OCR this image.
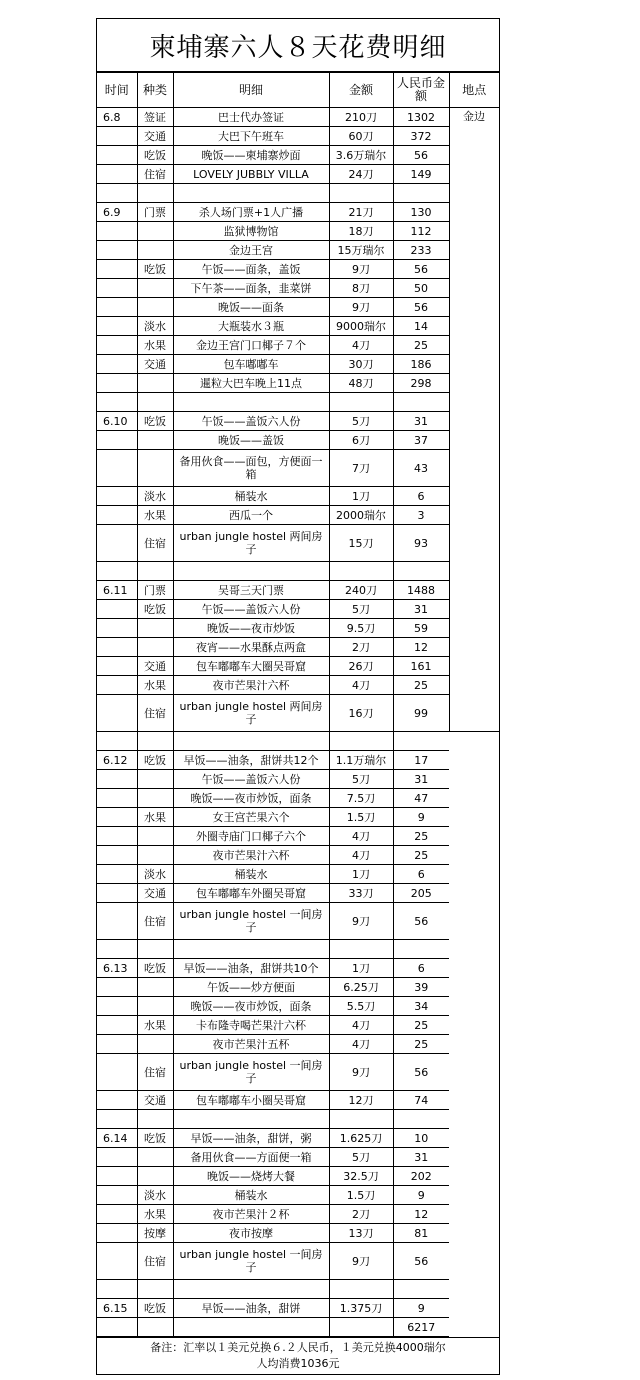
柬埔寨六人８天花费明细
时间	种类	明细	金额	人民币金额	地点	
6.8	签证	巴士代办签证	210刀	1302	金边	
	交通	大巴下午班车	60刀	372		
	吃饭	晚饭——柬埔寨炒面	3.6万瑞尔	56		
	住宿	LOVELY JUBBLY VILLA	24刀	149		

6.9	门票	杀人场门票+1人广播	21刀	130		
		监狱博物馆	18刀	112		
		金边王宫	15万瑞尔	233		
	吃饭	午饭——面条，盖饭	9刀	56		
		下午茶——面条，韭菜饼	8刀	50		
		晚饭——面条	9刀	56		
	淡水	大瓶装水３瓶	9000瑞尔	14		
	水果	金边王宫门口椰子７个	4刀	25		
	交通	包车嘟嘟车	30刀	186		
		暹粒大巴车晚上11点	48刀	298		

6.10	吃饭	午饭——盖饭六人份	5刀	31	
		晚饭——盖饭	6刀	37		
		备用伙食——面包，方便面一箱	7刀	43		
	淡水	桶装水	1刀	6		
	水果	西瓜一个	2000瑞尔	3		
	住宿	urban jungle hostel 两间房子	15刀	93		

6.11	门票	吴哥三天门票	240刀	1488		
	吃饭	午饭——盖饭六人份	5刀	31		
		晚饭——夜市炒饭	9.5刀	59		
		夜宵——水果酥点两盒	2刀	12		
	交通	包车嘟嘟车大圈吴哥窟	26刀	161		
	水果	夜市芒果汁六杯	4刀	25		
	住宿	urban jungle hostel 两间房子	16刀	99		

6.12	吃饭	早饭——油条，甜饼共12个	1.1万瑞尔	17		
		午饭——盖饭六人份	5刀	31		
		晚饭——夜市炒饭，面条	7.5刀	47		
	水果	女王宫芒果六个	1.5刀	9		
		外圈寺庙门口椰子六个	4刀	25		
		夜市芒果汁六杯	4刀	25		
	淡水	桶装水	1刀	6		
	交通	包车嘟嘟车外圈吴哥窟	33刀	205		
	住宿	urban jungle hostel 一间房子	9刀	56		

6.13	吃饭	早饭——油条，甜饼共10个	1刀	6		
		午饭——炒方便面	6.25刀	39		
		晚饭——夜市炒饭，面条	5.5刀	34		
	水果	卡布隆寺喝芒果汁六杯	4刀	25		
		夜市芒果汁五杯	4刀	25		
	住宿	urban jungle hostel 一间房子	9刀	56		
	交通	包车嘟嘟车小圈吴哥窟	12刀	74		

6.14	吃饭	早饭——油条，甜饼，粥	1.625刀	10		
		备用伙食——方面便一箱	5刀	31		
		晚饭——烧烤大餐	32.5刀	202		
	淡水	桶装水	1.5刀	9		
	水果	夜市芒果汁２杯	2刀	12		
	按摩	夜市按摩	13刀	81		
	住宿	urban jungle hostel 一间房子	9刀	56		

6.15	吃饭	早饭——油条，甜饼	1.375刀	9		
				6217		
备注：汇率以１美元兑换６.２人民币，１美元兑换4000瑞尔
人均消费1036元
